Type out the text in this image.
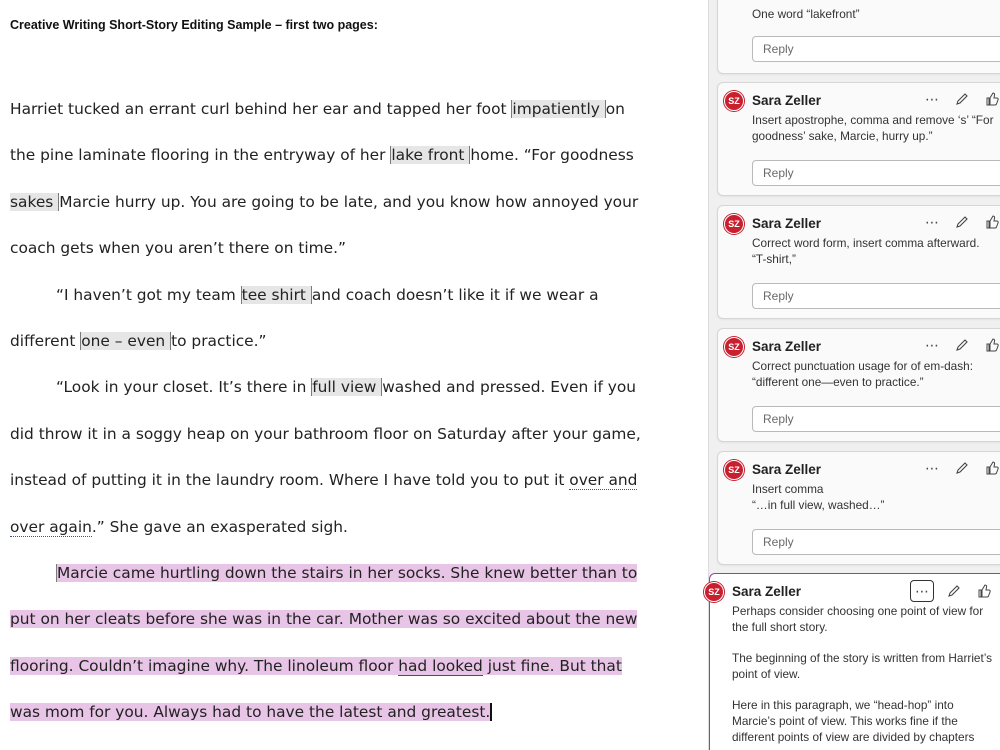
Creative Writing Short-Story Editing Sample – first two pages:

Harriet tucked an errant curl behind her ear and tapped her foot impatiently on

the pine laminate flooring in the entryway of her lake front home. “For goodness

sakes Marcie hurry up. You are going to be late, and you know how annoyed your

coach gets when you aren’t there on time.”

“I haven’t got my team tee shirt and coach doesn’t like it if we wear a

different one – even to practice.”

“Look in your closet. It’s there in full view washed and pressed. Even if you

did throw it in a soggy heap on your bathroom floor on Saturday after your game,

instead of putting it in the laundry room. Where I have told you to put it over and

over again.” She gave an exasperated sigh.

Marcie came hurtling down the stairs in her socks. She knew better than to

put on her cleats before she was in the car. Mother was so excited about the new

flooring. Couldn’t imagine why. The linoleum floor had looked just fine. But that

was mom for you. Always had to have the latest and greatest.

One word “lakefront”
Reply
SZ Sara Zeller	⋯
Insert apostrophe, comma and remove ‘s’ “For
goodness’ sake, Marcie, hurry up.”
Reply
SZ Sara Zeller	⋯
Correct word form, insert comma afterward.
“T-shirt,”
Reply
SZ Sara Zeller	⋯
Correct punctuation usage for of em-dash:
“different one—even to practice.”
Reply
SZ Sara Zeller	⋯
Insert comma
“…in full view, washed…”
Reply
Sara Zeller	⋯

Perhaps consider choosing one point of view for the full short story.

The beginning of the story is written from Harriet’s point of view.

Here in this paragraph, we “head-hop” into Marcie’s point of view. This works fine if the different points of view are divided by chapters

SZ
